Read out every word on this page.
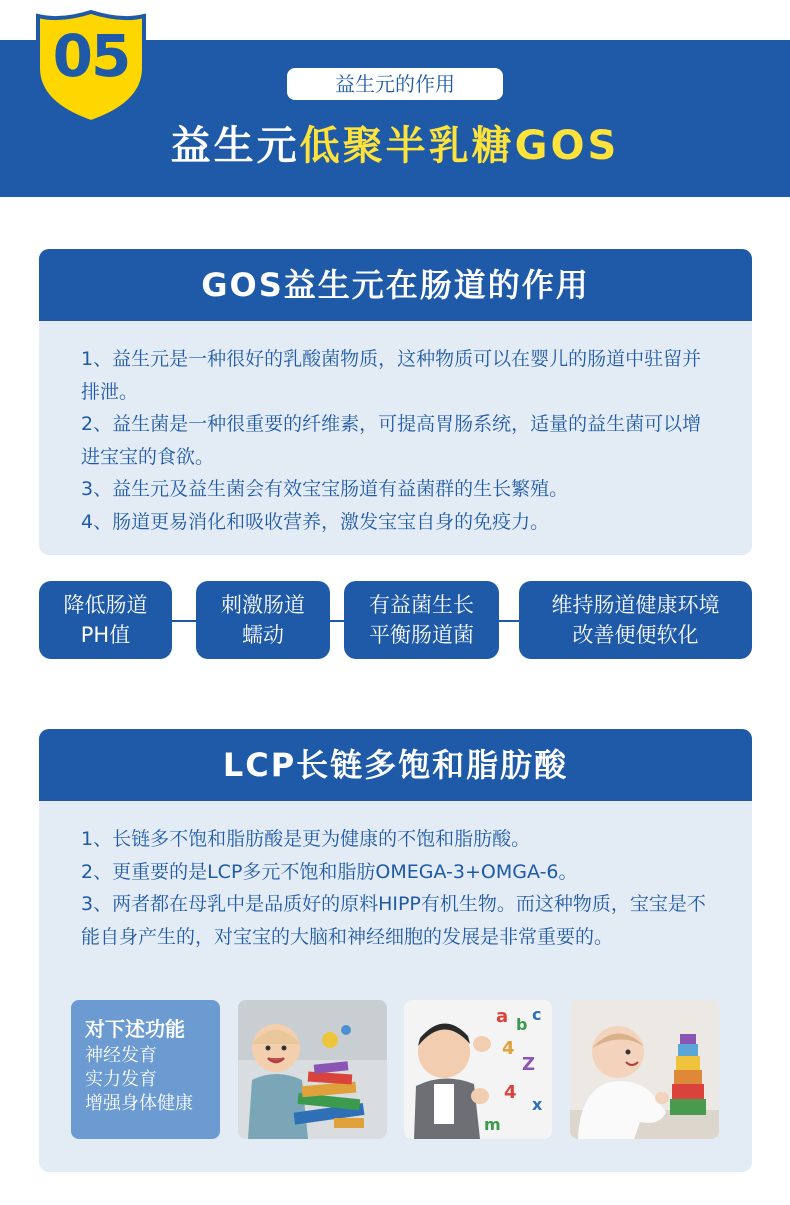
05	益生元的作用
益生元低聚半乳糖GOS
GOS益生元在肠道的作用

1、益生元是一种很好的乳酸菌物质，这种物质可以在婴儿的肠道中驻留并排泄。

2、益生菌是一种很重要的纤维素，可提高胃肠系统，适量的益生菌可以增进宝宝的食欲。

3、益生元及益生菌会有效宝宝肠道有益菌群的生长繁殖。

4、肠道更易消化和吸收营养，激发宝宝自身的免疫力。

降低肠道
PH值
刺激肠道
蠕动
有益菌生长
平衡肠道菌
维持肠道健康环境
改善便便软化
LCP长链多饱和脂肪酸

1、长链多不饱和脂肪酸是更为健康的不饱和脂肪酸。

2、更重要的是LCP多元不饱和脂肪OMEGA-3+OMGA-6。

3、两者都在母乳中是品质好的原料HIPP有机生物。而这种物质，宝宝是不能自身产生的，对宝宝的大脑和神经细胞的发展是非常重要的。

对下述功能
神经发育
实力发育
增强身体健康
a b
c
4
Z
4
x
m
